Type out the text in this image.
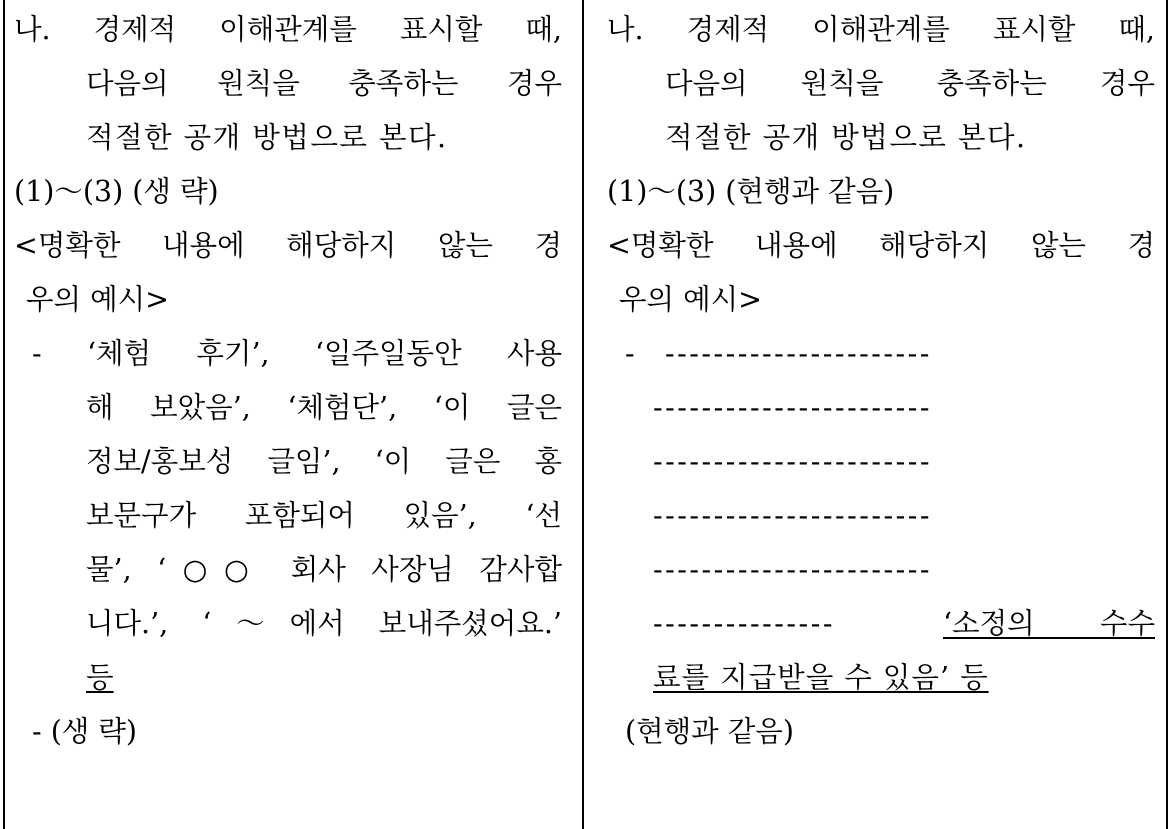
나. 경제적 이해관계를 표시할 때,
다음의 원칙을 충족하는 경우
적절한 공개 방법으로 본다.
(1)～(3) (생 략)
<명확한 내용에 해당하지 않는 경
우의 예시>
- ‘체험 후기’, ‘일주일동안 사용
해 보았음’, ‘체험단’, ‘이 글은
정보/홍보성 글임’, ‘이 글은 홍
보문구가 포함되어 있음’, ‘선
물’, ‘○○ 회사 사장님 감사합
니다.’, ‘～에서 보내주셨어요.’
등
- (생 략)
나. 경제적 이해관계를 표시할 때,
다음의 원칙을 충족하는 경우
적절한 공개 방법으로 본다.
(1)～(3) (현행과 같음)
<명확한 내용에 해당하지 않는 경
우의 예시>
- ----------------------
-----------------------
-----------------------
-----------------------
-----------------------
---------------	‘소정의 수수
료를 지급받을 수 있음’ 등
(현행과 같음)
